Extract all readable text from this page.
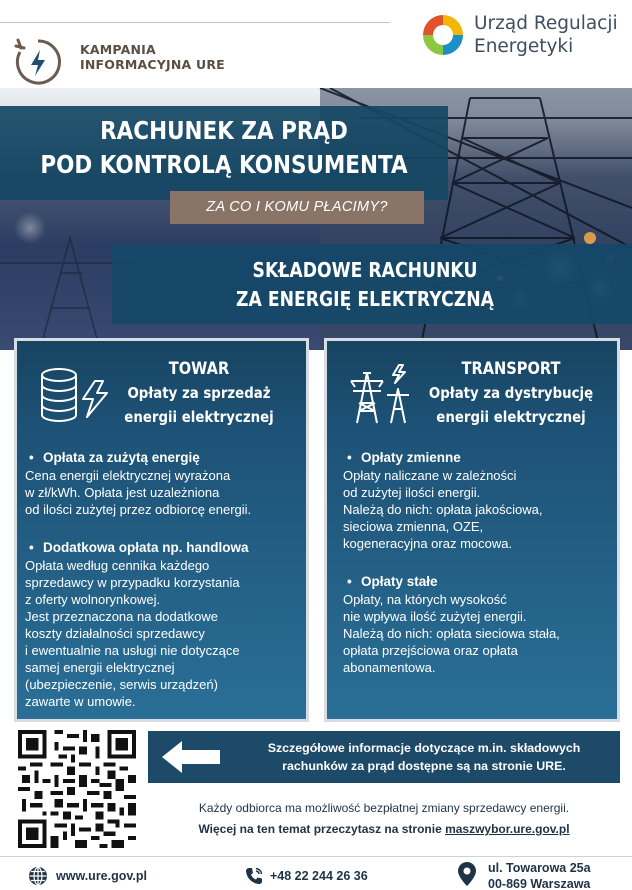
KAMPANIA
INFORMACYJNA URE
Urząd Regulacji
Energetyki
RACHUNEK ZA PRĄD
POD KONTROLĄ KONSUMENTA
ZA CO I KOMU PŁACIMY?
SKŁADOWE RACHUNKU
ZA ENERGIĘ ELEKTRYCZNĄ
TOWAR
Opłaty za sprzedaż
energii elektrycznej
• Opłata za zużytą energię
Cena energii elektrycznej wyrażona
w zł/kWh. Opłata jest uzależniona
od ilości zużytej przez odbiorcę energii.
• Dodatkowa opłata np. handlowa
Opłata według cennika każdego
sprzedawcy w przypadku korzystania
z oferty wolnorynkowej.
Jest przeznaczona na dodatkowe
koszty działalności sprzedawcy
i ewentualnie na usługi nie dotyczące
samej energii elektrycznej
(ubezpieczenie, serwis urządzeń)
zawarte w umowie.
TRANSPORT
Opłaty za dystrybucję
energii elektrycznej
• Opłaty zmienne
Opłaty naliczane w zależności
od zużytej ilości energii.
Należą do nich: opłata jakościowa,
sieciowa zmienna, OZE,
kogeneracyjna oraz mocowa.
• Opłaty stałe
Opłaty, na których wysokość
nie wpływa ilość zużytej energii.
Należą do nich: opłata sieciowa stała,
opłata przejściowa oraz opłata
abonamentowa.
Szczegółowe informacje dotyczące m.in. składowych
rachunków za prąd dostępne są na stronie URE.
Każdy odbiorca ma możliwość bezpłatnej zmiany sprzedawcy energii.
Więcej na ten temat przeczytasz na stronie maszwybor.ure.gov.pl
www.ure.gov.pl	+48 22 244 26 36
ul. Towarowa 25a
00-869 Warszawa
